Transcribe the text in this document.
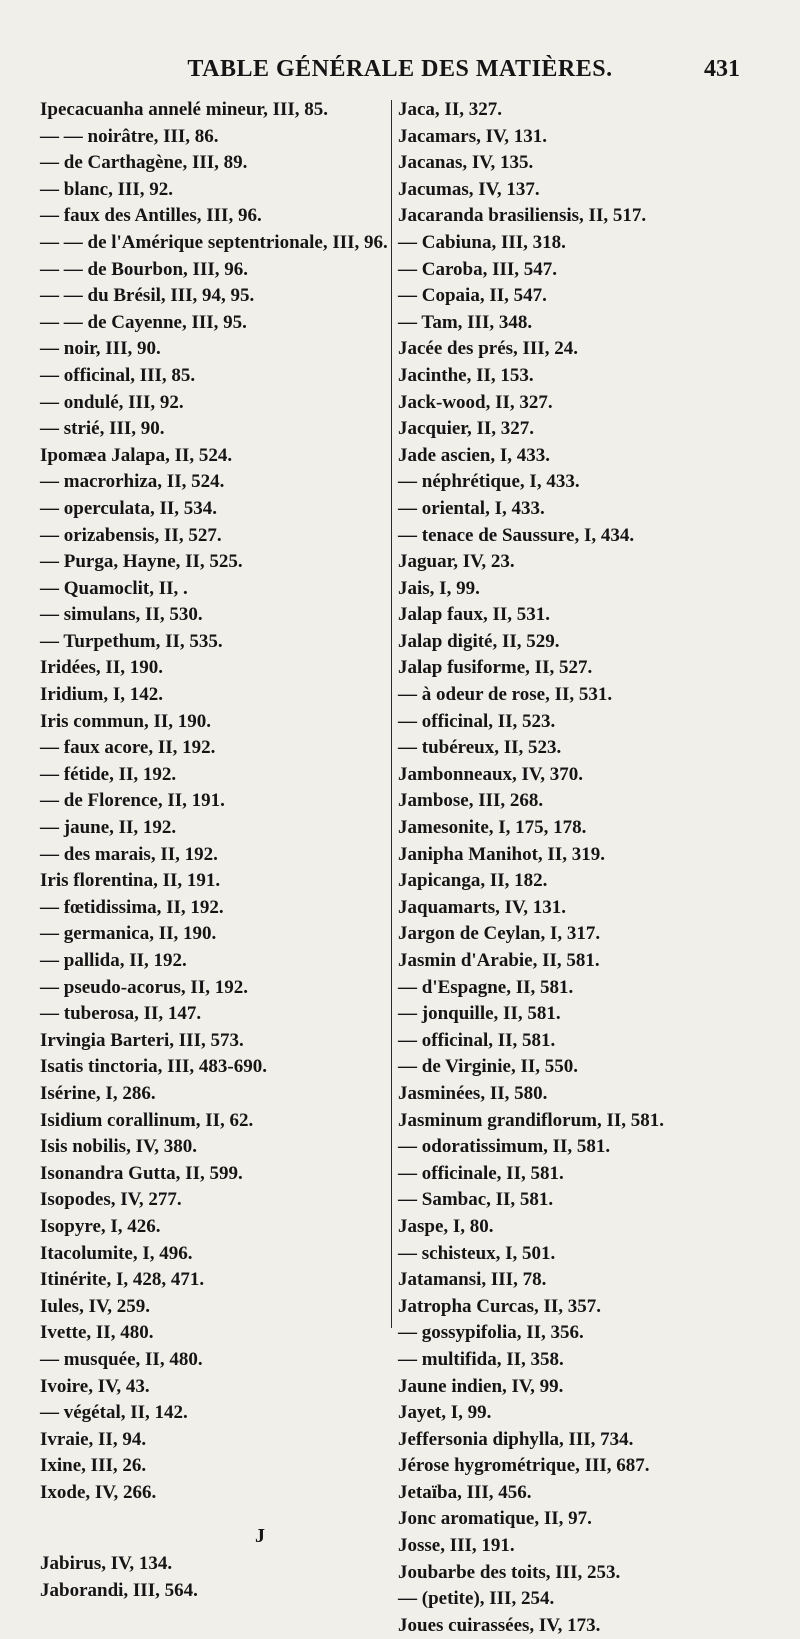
TABLE GÉNÉRALE DES MATIÈRES.	431
Ipecacuanha annelé mineur, III, 85.
— — noirâtre, III, 86.
— de Carthagène, III, 89.
— blanc, III, 92.
— faux des Antilles, III, 96.
— — de l'Amérique septentrionale, III, 96.
— — de Bourbon, III, 96.
— — du Brésil, III, 94, 95.
— — de Cayenne, III, 95.
— noir, III, 90.
— officinal, III, 85.
— ondulé, III, 92.
— strié, III, 90.
Ipomæa Jalapa, II, 524.
— macrorhiza, II, 524.
— operculata, II, 534.
— orizabensis, II, 527.
— Purga, Hayne, II, 525.
— Quamoclit, II, .
— simulans, II, 530.
— Turpethum, II, 535.
Iridées, II, 190.
Iridium, I, 142.
Iris commun, II, 190.
— faux acore, II, 192.
— fétide, II, 192.
— de Florence, II, 191.
— jaune, II, 192.
— des marais, II, 192.
Iris florentina, II, 191.
— fœtidissima, II, 192.
— germanica, II, 190.
— pallida, II, 192.
— pseudo-acorus, II, 192.
— tuberosa, II, 147.
Irvingia Barteri, III, 573.
Isatis tinctoria, III, 483-690.
Isérine, I, 286.
Isidium corallinum, II, 62.
Isis nobilis, IV, 380.
Isonandra Gutta, II, 599.
Isopodes, IV, 277.
Isopyre, I, 426.
Itacolumite, I, 496.
Itinérite, I, 428, 471.
Iules, IV, 259.
Ivette, II, 480.
— musquée, II, 480.
Ivoire, IV, 43.
— végétal, II, 142.
Ivraie, II, 94.
Ixine, III, 26.
Ixode, IV, 266.
J
Jabirus, IV, 134.
Jaborandi, III, 564.
Jaca, II, 327.
Jacamars, IV, 131.
Jacanas, IV, 135.
Jacumas, IV, 137.
Jacaranda brasiliensis, II, 517.
— Cabiuna, III, 318.
— Caroba, III, 547.
— Copaia, II, 547.
— Tam, III, 348.
Jacée des prés, III, 24.
Jacinthe, II, 153.
Jack-wood, II, 327.
Jacquier, II, 327.
Jade ascien, I, 433.
— néphrétique, I, 433.
— oriental, I, 433.
— tenace de Saussure, I, 434.
Jaguar, IV, 23.
Jais, I, 99.
Jalap faux, II, 531.
Jalap digité, II, 529.
Jalap fusiforme, II, 527.
— à odeur de rose, II, 531.
— officinal, II, 523.
— tubéreux, II, 523.
Jambonneaux, IV, 370.
Jambose, III, 268.
Jamesonite, I, 175, 178.
Janipha Manihot, II, 319.
Japicanga, II, 182.
Jaquamarts, IV, 131.
Jargon de Ceylan, I, 317.
Jasmin d'Arabie, II, 581.
— d'Espagne, II, 581.
— jonquille, II, 581.
— officinal, II, 581.
— de Virginie, II, 550.
Jasminées, II, 580.
Jasminum grandiflorum, II, 581.
— odoratissimum, II, 581.
— officinale, II, 581.
— Sambac, II, 581.
Jaspe, I, 80.
— schisteux, I, 501.
Jatamansi, III, 78.
Jatropha Curcas, II, 357.
— gossypifolia, II, 356.
— multifida, II, 358.
Jaune indien, IV, 99.
Jayet, I, 99.
Jeffersonia diphylla, III, 734.
Jérose hygrométrique, III, 687.
Jetaïba, III, 456.
Jonc aromatique, II, 97.
Josse, III, 191.
Joubarbe des toits, III, 253.
— (petite), III, 254.
Joues cuirassées, IV, 173.
